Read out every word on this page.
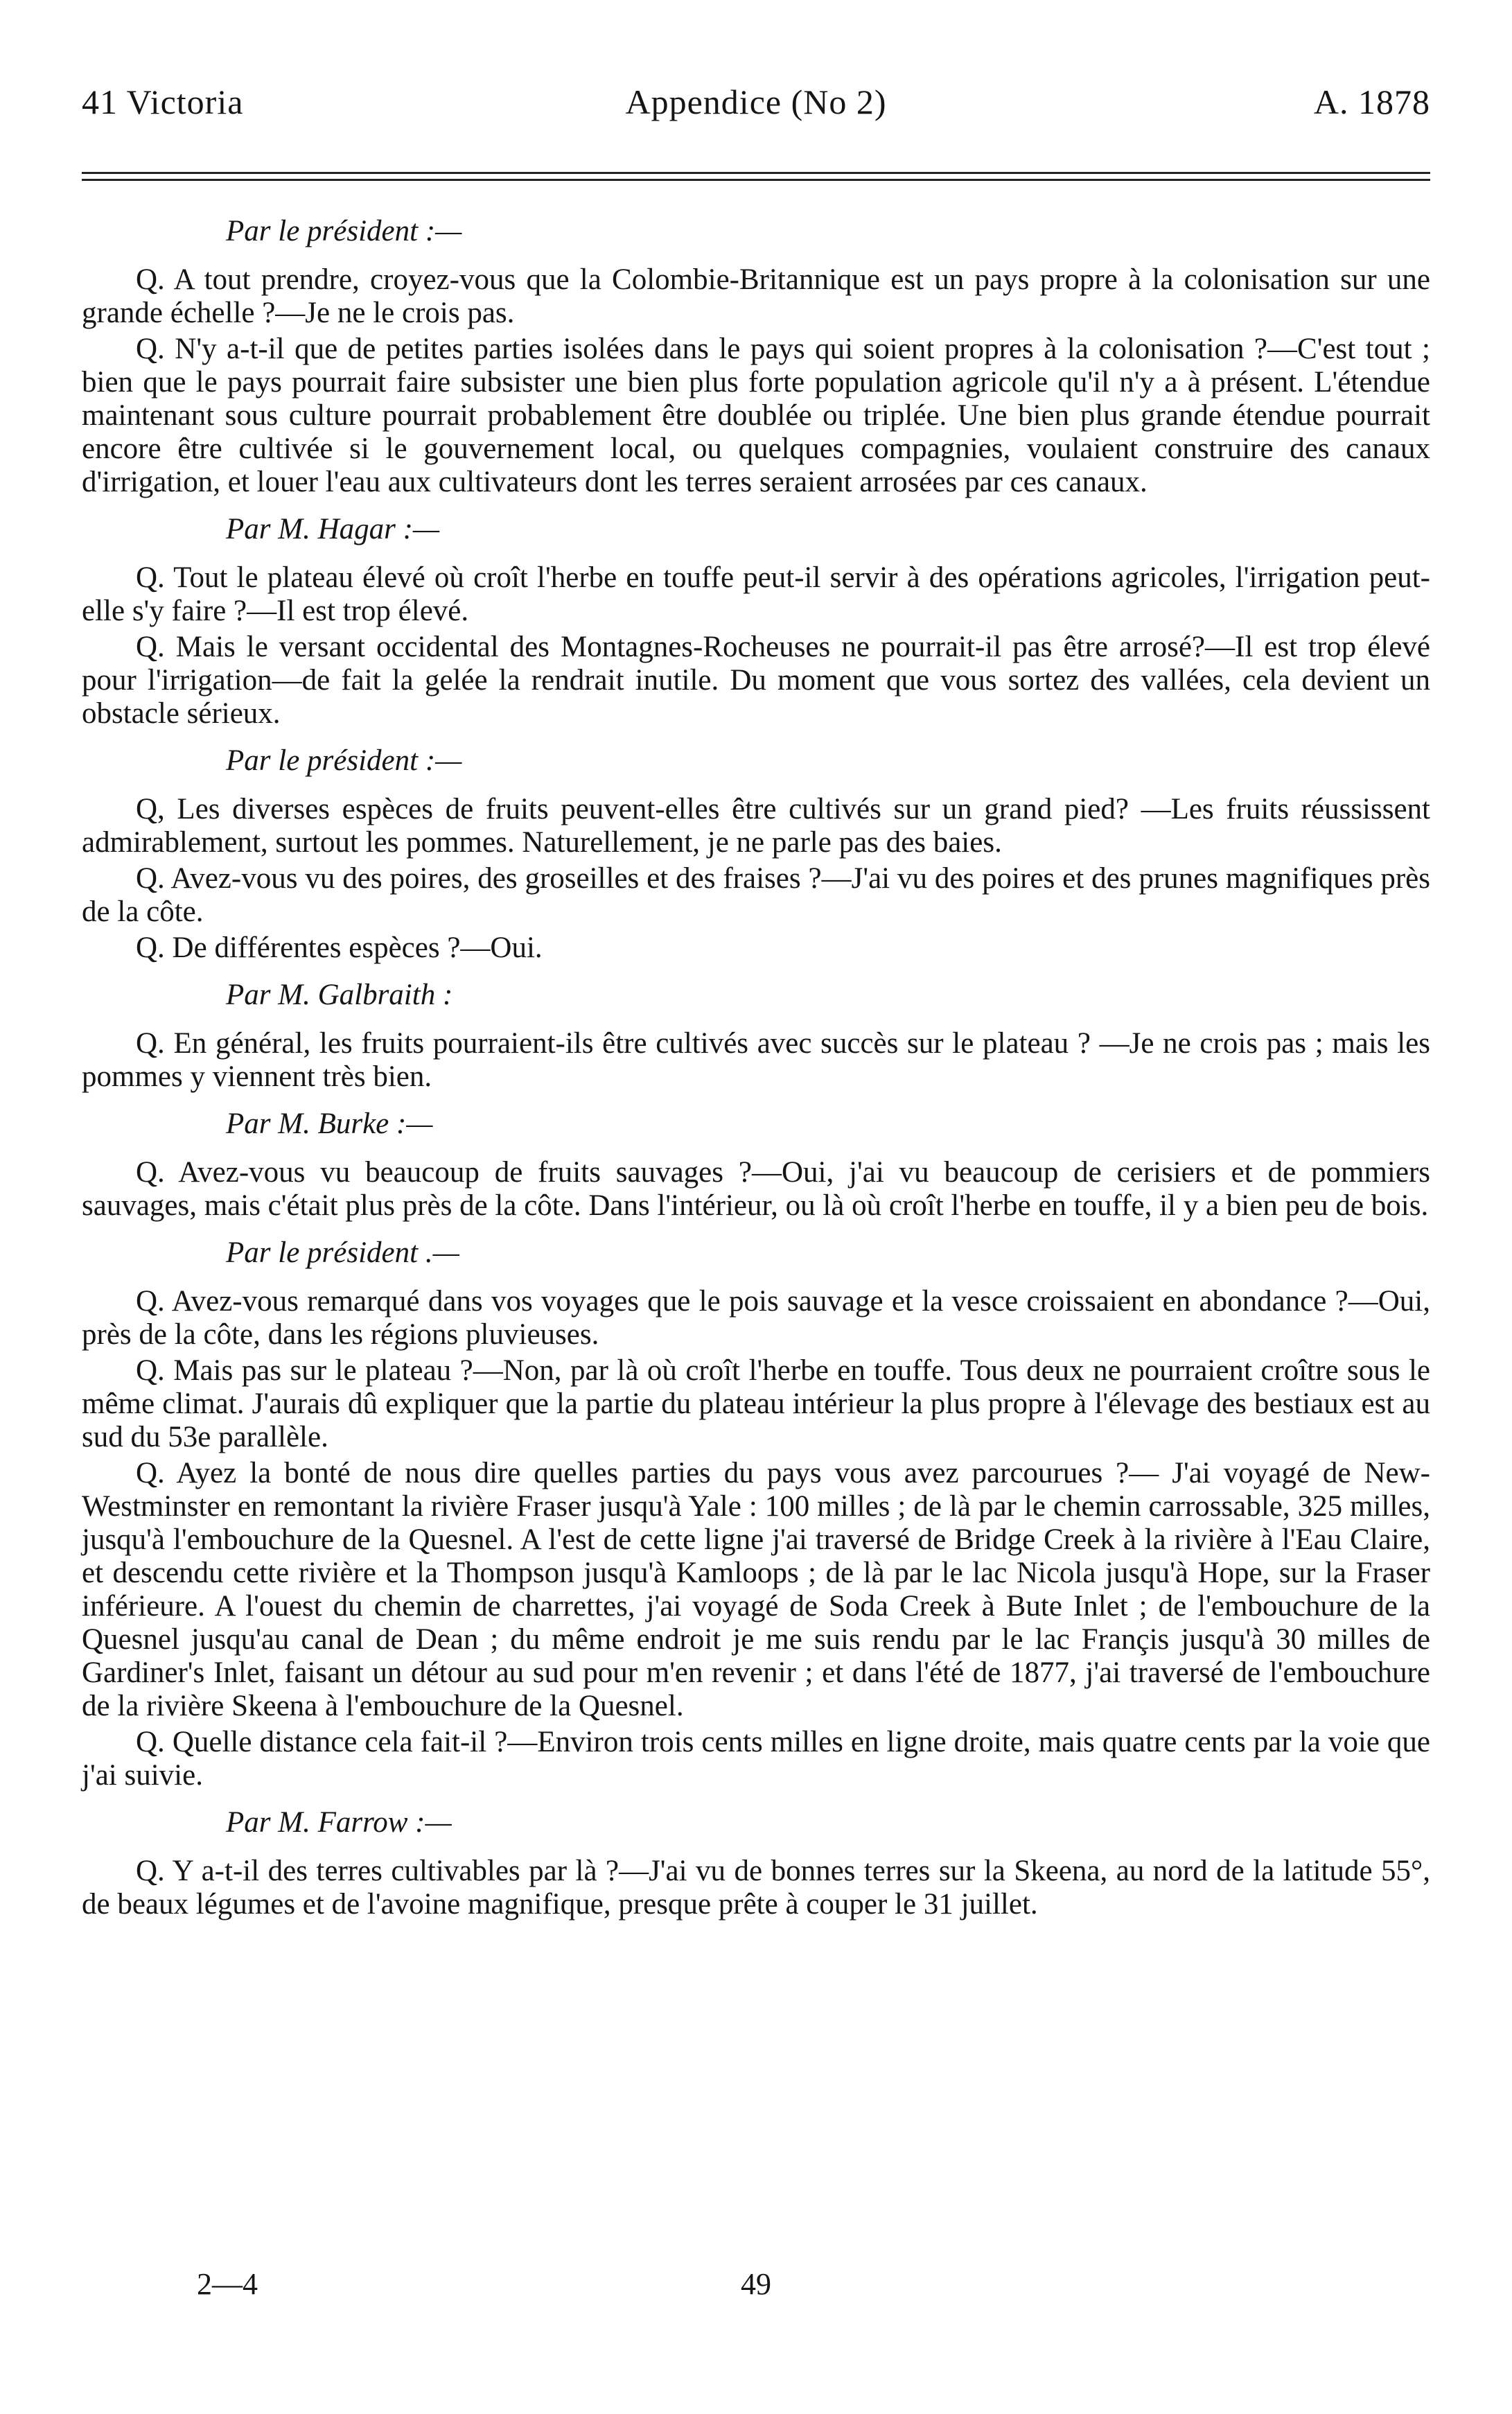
41 Victoria	Appendice (No 2)	A. 1878
Par le président :—
Q. A tout prendre, croyez-vous que la Colombie-Britannique est un pays propre à la colonisation sur une grande échelle ?—Je ne le crois pas.
Q. N'y a-t-il que de petites parties isolées dans le pays qui soient propres à la colonisation ?—C'est tout ; bien que le pays pourrait faire subsister une bien plus forte population agricole qu'il n'y a à présent. L'étendue maintenant sous culture pourrait probablement être doublée ou triplée. Une bien plus grande étendue pourrait encore être cultivée si le gouvernement local, ou quelques compagnies, voulaient construire des canaux d'irrigation, et louer l'eau aux cultivateurs dont les terres seraient arrosées par ces canaux.
Par M. Hagar :—
Q. Tout le plateau élevé où croît l'herbe en touffe peut-il servir à des opérations agricoles, l'irrigation peut-elle s'y faire ?—Il est trop élevé.
Q. Mais le versant occidental des Montagnes-Rocheuses ne pourrait-il pas être arrosé?—Il est trop élevé pour l'irrigation—de fait la gelée la rendrait inutile. Du moment que vous sortez des vallées, cela devient un obstacle sérieux.
Par le président :—
Q, Les diverses espèces de fruits peuvent-elles être cultivés sur un grand pied? —Les fruits réussissent admirablement, surtout les pommes. Naturellement, je ne parle pas des baies.
Q. Avez-vous vu des poires, des groseilles et des fraises ?—J'ai vu des poires et des prunes magnifiques près de la côte.
Q. De différentes espèces ?—Oui.
Par M. Galbraith :
Q. En général, les fruits pourraient-ils être cultivés avec succès sur le plateau ? —Je ne crois pas ; mais les pommes y viennent très bien.
Par M. Burke :—
Q. Avez-vous vu beaucoup de fruits sauvages ?—Oui, j'ai vu beaucoup de cerisiers et de pommiers sauvages, mais c'était plus près de la côte. Dans l'intérieur, ou là où croît l'herbe en touffe, il y a bien peu de bois.
Par le président .—
Q. Avez-vous remarqué dans vos voyages que le pois sauvage et la vesce croissaient en abondance ?—Oui, près de la côte, dans les régions pluvieuses.
Q. Mais pas sur le plateau ?—Non, par là où croît l'herbe en touffe. Tous deux ne pourraient croître sous le même climat. J'aurais dû expliquer que la partie du plateau intérieur la plus propre à l'élevage des bestiaux est au sud du 53e parallèle.
Q. Ayez la bonté de nous dire quelles parties du pays vous avez parcourues ?— J'ai voyagé de New-Westminster en remontant la rivière Fraser jusqu'à Yale : 100 milles ; de là par le chemin carrossable, 325 milles, jusqu'à l'embouchure de la Quesnel. A l'est de cette ligne j'ai traversé de Bridge Creek à la rivière à l'Eau Claire, et descendu cette rivière et la Thompson jusqu'à Kamloops ; de là par le lac Nicola jusqu'à Hope, sur la Fraser inférieure. A l'ouest du chemin de charrettes, j'ai voyagé de Soda Creek à Bute Inlet ; de l'embouchure de la Quesnel jusqu'au canal de Dean ; du même endroit je me suis rendu par le lac Françis jusqu'à 30 milles de Gardiner's Inlet, faisant un détour au sud pour m'en revenir ; et dans l'été de 1877, j'ai traversé de l'embouchure de la rivière Skeena à l'embouchure de la Quesnel.
Q. Quelle distance cela fait-il ?—Environ trois cents milles en ligne droite, mais quatre cents par la voie que j'ai suivie.
Par M. Farrow :—
Q. Y a-t-il des terres cultivables par là ?—J'ai vu de bonnes terres sur la Skeena, au nord de la latitude 55°, de beaux légumes et de l'avoine magnifique, presque prête à couper le 31 juillet.
2—4	49
